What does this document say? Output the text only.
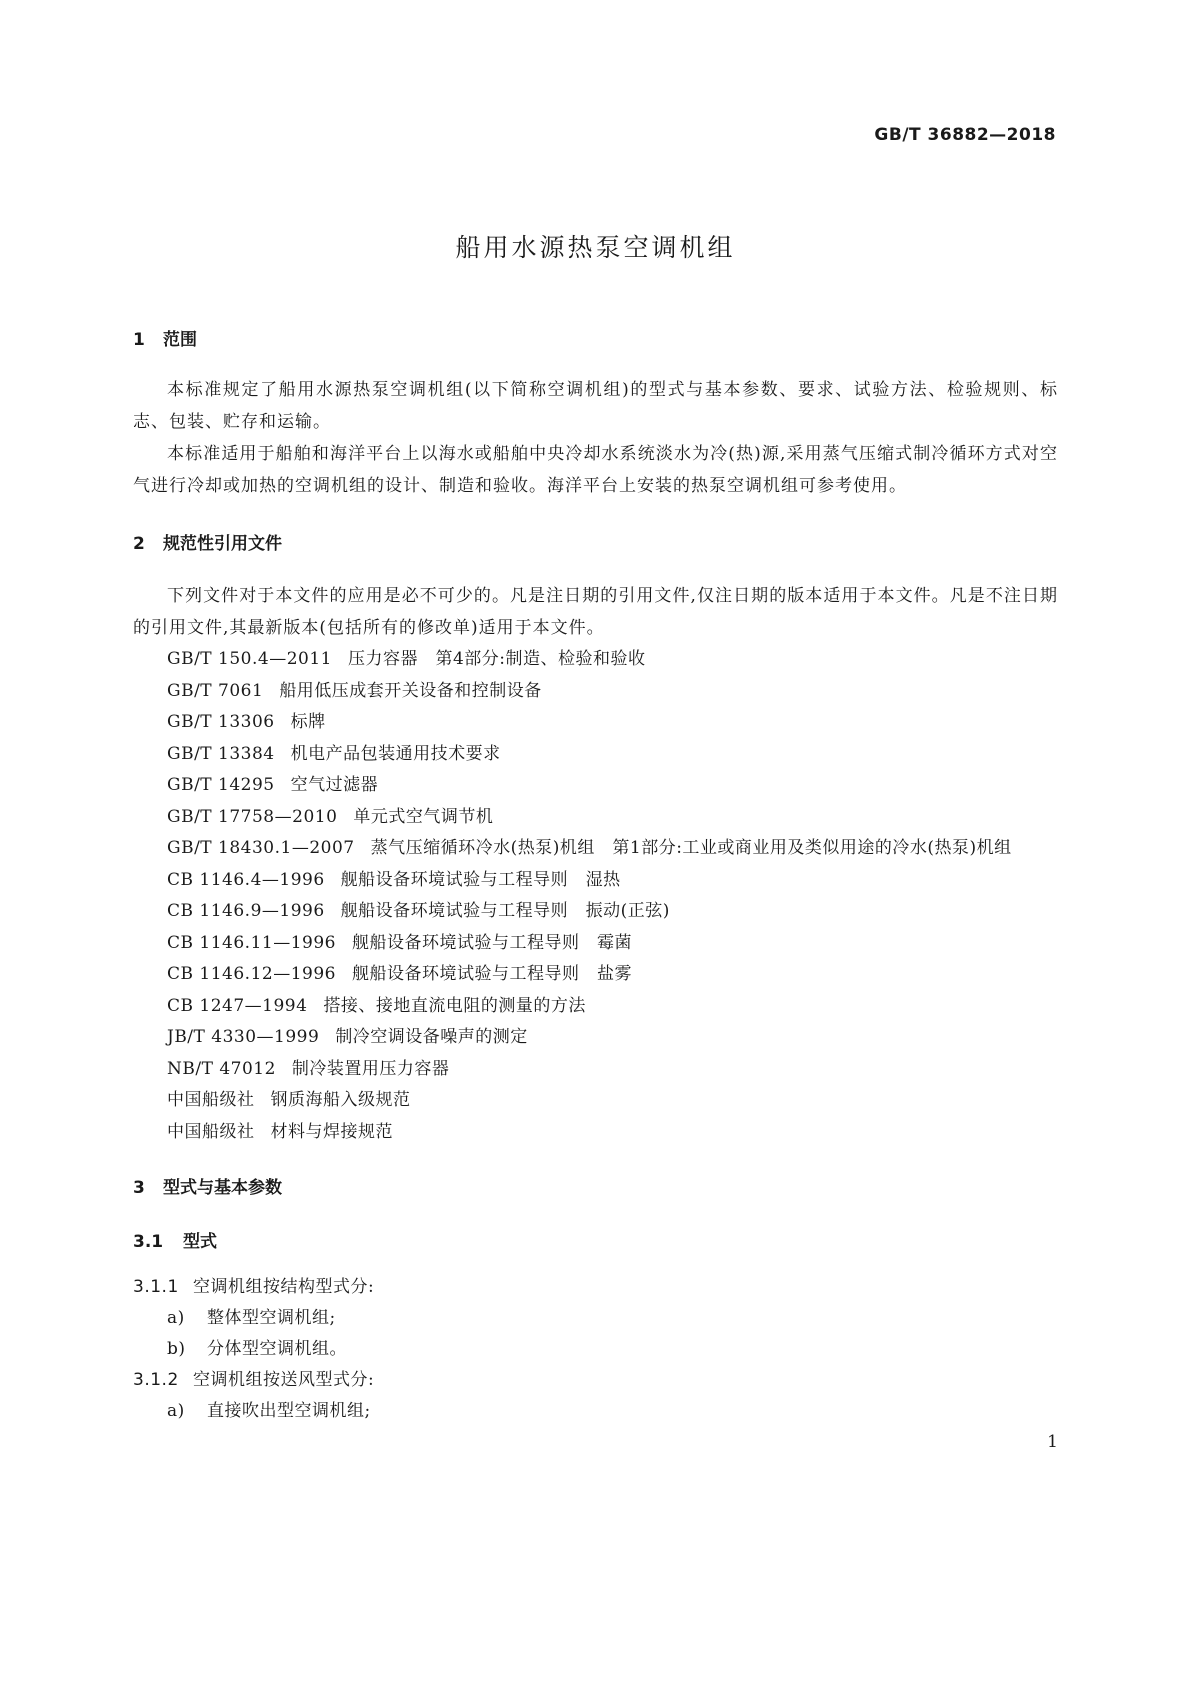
GB/T 36882—2018
船用水源热泵空调机组
1 范围
本标准规定了船用水源热泵空调机组(以下简称空调机组)的型式与基本参数、要求、试验方法、检验规则、标志、包装、贮存和运输。
本标准适用于船舶和海洋平台上以海水或船舶中央冷却水系统淡水为冷(热)源,采用蒸气压缩式制冷循环方式对空气进行冷却或加热的空调机组的设计、制造和验收。海洋平台上安装的热泵空调机组可参考使用。
2 规范性引用文件
下列文件对于本文件的应用是必不可少的。凡是注日期的引用文件,仅注日期的版本适用于本文件。凡是不注日期的引用文件,其最新版本(包括所有的修改单)适用于本文件。
GB/T 150.4—2011 压力容器　第4部分:制造、检验和验收
GB/T 7061 船用低压成套开关设备和控制设备
GB/T 13306 标牌
GB/T 13384 机电产品包装通用技术要求
GB/T 14295 空气过滤器
GB/T 17758—2010 单元式空气调节机
GB/T 18430.1—2007 蒸气压缩循环冷水(热泵)机组　第1部分:工业或商业用及类似用途的冷水(热泵)机组
CB 1146.4—1996 舰船设备环境试验与工程导则　湿热
CB 1146.9—1996 舰船设备环境试验与工程导则　振动(正弦)
CB 1146.11—1996 舰船设备环境试验与工程导则　霉菌
CB 1146.12—1996 舰船设备环境试验与工程导则　盐雾
CB 1247—1994 搭接、接地直流电阻的测量的方法
JB/T 4330—1999 制冷空调设备噪声的测定
NB/T 47012 制冷装置用压力容器
中国船级社 钢质海船入级规范
中国船级社 材料与焊接规范
3 型式与基本参数
3.1 型式
3.1.1 空调机组按结构型式分:
a) 整体型空调机组;
b) 分体型空调机组。
3.1.2 空调机组按送风型式分:
a) 直接吹出型空调机组;
1
